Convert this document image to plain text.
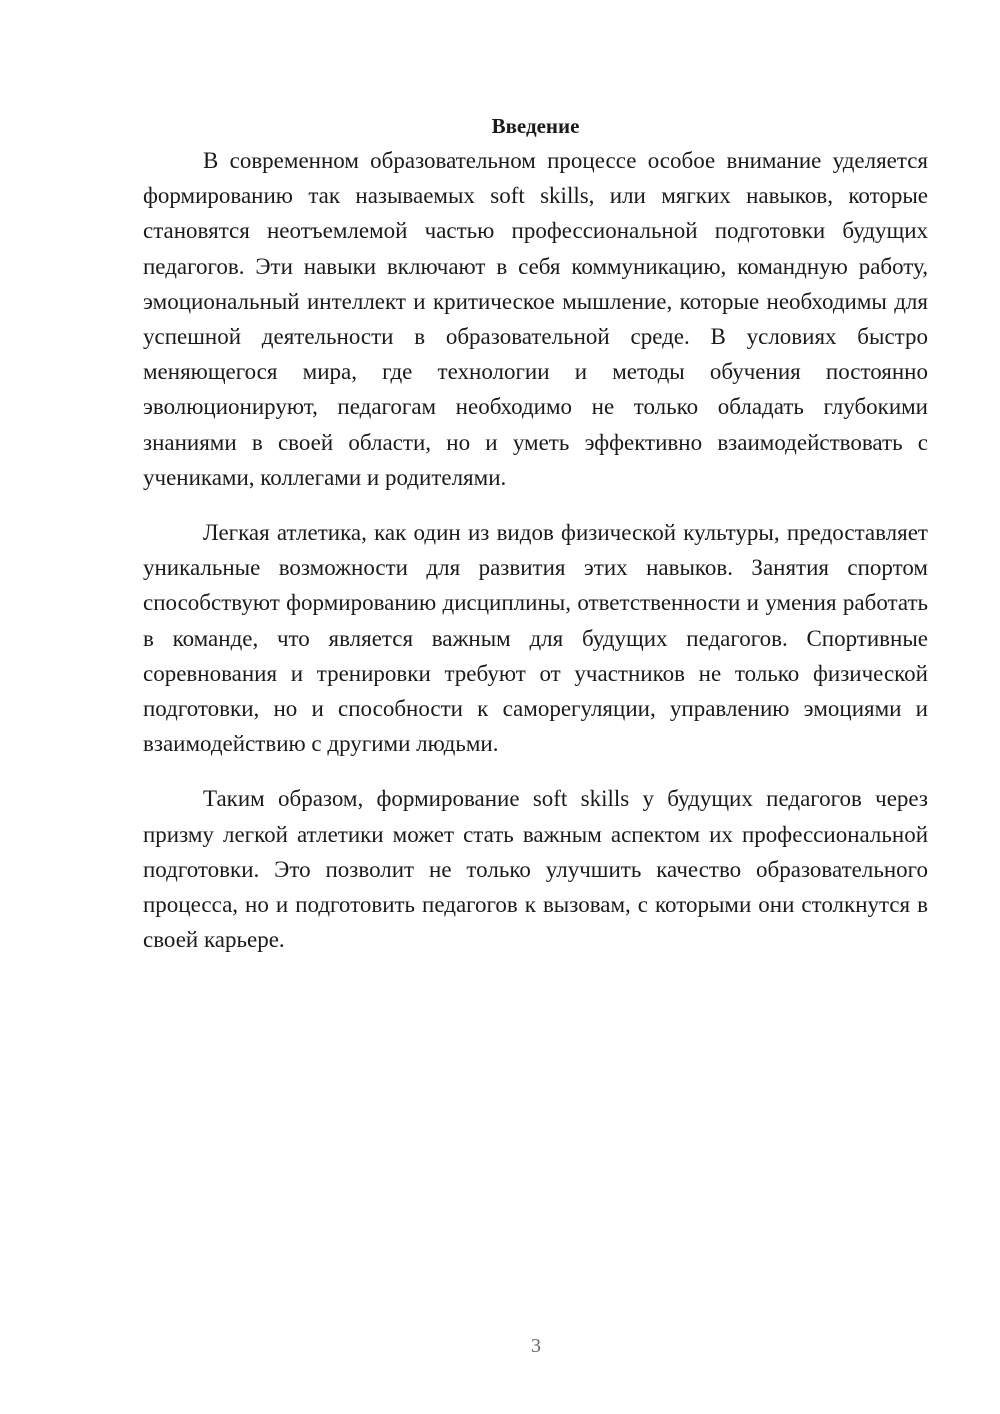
Введение

В современном образовательном процессе особое внимание уделяется формированию так называемых soft skills, или мягких навыков, которые становятся неотъемлемой частью профессиональной подготовки будущих педагогов. Эти навыки включают в себя коммуникацию, командную работу, эмоциональный интеллект и критическое мышление, которые необходимы для успешной деятельности в образовательной среде. В условиях быстро меняющегося мира, где технологии и методы обучения постоянно эволюционируют, педагогам необходимо не только обладать глубокими знаниями в своей области, но и уметь эффективно взаимодействовать с учениками, коллегами и родителями.

Легкая атлетика, как один из видов физической культуры, предоставляет уникальные возможности для развития этих навыков. Занятия спортом способствуют формированию дисциплины, ответственности и умения работать в команде, что является важным для будущих педагогов. Спортивные соревнования и тренировки требуют от участников не только физической подготовки, но и способности к саморегуляции, управлению эмоциями и взаимодействию с другими людьми.

Таким образом, формирование soft skills у будущих педагогов через призму легкой атлетики может стать важным аспектом их профессиональной подготовки. Это позволит не только улучшить качество образовательного процесса, но и подготовить педагогов к вызовам, с которыми они столкнутся в своей карьере.

3
